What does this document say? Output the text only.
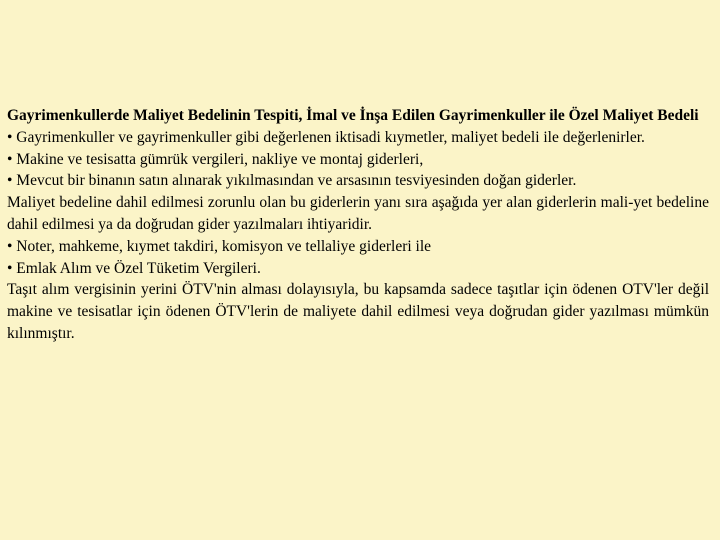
Gayrimenkullerde Maliyet Bedelinin Tespiti, İmal ve İnşa Edilen Gayrimenkuller ile Özel Maliyet Bedeli

• Gayrimenkuller ve gayrimenkuller gibi değerlenen iktisadi kıymetler, maliyet bedeli ile değerlenirler.

• Makine ve tesisatta gümrük vergileri, nakliye ve montaj giderleri,

• Mevcut bir binanın satın alınarak yıkılmasından ve arsasının tesviyesinden doğan giderler.

Maliyet bedeline dahil edilmesi zorunlu olan bu giderlerin yanı sıra aşağıda yer alan giderlerin mali-yet bedeline dahil edilmesi ya da doğrudan gider yazılmaları ihtiyaridir.

• Noter, mahkeme, kıymet takdiri, komisyon ve tellaliye giderleri ile

• Emlak Alım ve Özel Tüketim Vergileri.

Taşıt alım vergisinin yerini ÖTV'nin alması dolayısıyla, bu kapsamda sadece taşıtlar için ödenen OTV'ler değil makine ve tesisatlar için ödenen ÖTV'lerin de maliyete dahil edilmesi veya doğrudan gider yazılması mümkün kılınmıştır.
